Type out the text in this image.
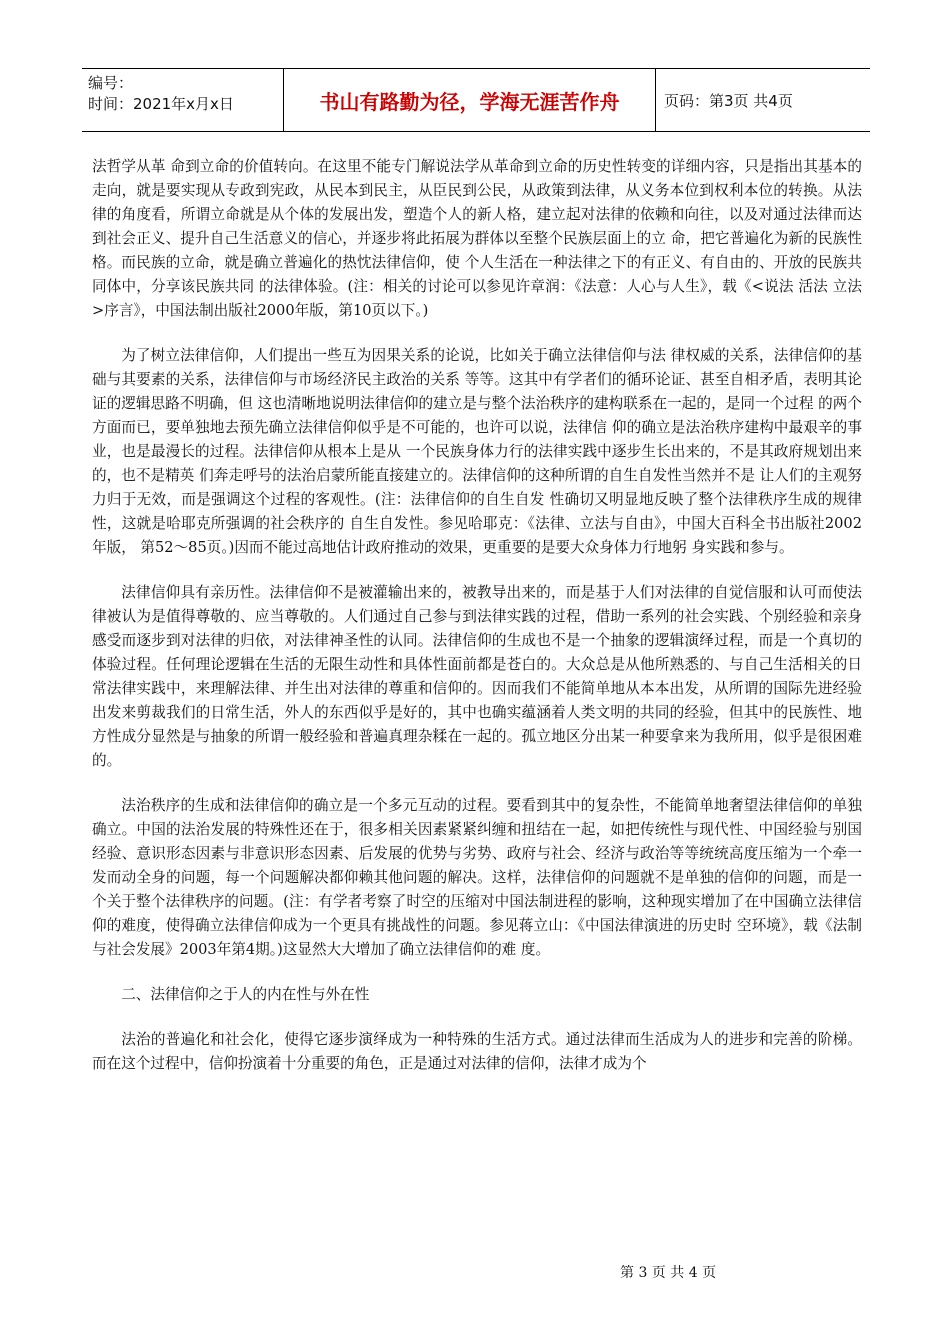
编号：
时间：2021年x月x日	书山有路勤为径，学海无涯苦作舟	页码：第3页 共4页

法哲学从革 命到立命的价值转向。在这里不能专门解说法学从革命到立命的历史性转变的详细内容，只是指出其基本的走向，就是要实现从专政到宪政，从民本到民主，从臣民到公民，从政策到法律，从义务本位到权利本位的转换。从法律的角度看，所谓立命就是从个体的发展出发，塑造个人的新人格，建立起对法律的依赖和向往，以及对通过法律而达到社会正义、提升自己生活意义的信心，并逐步将此拓展为群体以至整个民族层面上的立 命，把它普遍化为新的民族性格。而民族的立命，就是确立普遍化的热忱法律信仰，使 个人生活在一种法律之下的有正义、有自由的、开放的民族共同体中，分享该民族共同 的法律体验。(注：相关的讨论可以参见许章润：《法意：人心与人生》，载《<说法 活法 立法>序言》，中国法制出版社2000年版，第10页以下。)

为了树立法律信仰，人们提出一些互为因果关系的论说，比如关于确立法律信仰与法 律权威的关系，法律信仰的基础与其要素的关系，法律信仰与市场经济民主政治的关系 等等。这其中有学者们的循环论证、甚至自相矛盾，表明其论证的逻辑思路不明确，但 这也清晰地说明法律信仰的建立是与整个法治秩序的建构联系在一起的，是同一个过程 的两个方面而已，要单独地去预先确立法律信仰似乎是不可能的，也许可以说，法律信 仰的确立是法治秩序建构中最艰辛的事业，也是最漫长的过程。法律信仰从根本上是从 一个民族身体力行的法律实践中逐步生长出来的，不是其政府规划出来的，也不是精英 们奔走呼号的法治启蒙所能直接建立的。法律信仰的这种所谓的自生自发性当然并不是 让人们的主观努力归于无效，而是强调这个过程的客观性。(注：法律信仰的自生自发 性确切又明显地反映了整个法律秩序生成的规律性，这就是哈耶克所强调的社会秩序的 自生自发性。参见哈耶克：《法律、立法与自由》，中国大百科全书出版社2002年版， 第52～85页。)因而不能过高地估计政府推动的效果，更重要的是要大众身体力行地躬 身实践和参与。

法律信仰具有亲历性。法律信仰不是被灌输出来的，被教导出来的，而是基于人们对法律的自觉信服和认可而使法律被认为是值得尊敬的、应当尊敬的。人们通过自己参与到法律实践的过程，借助一系列的社会实践、个别经验和亲身感受而逐步到对法律的归依，对法律神圣性的认同。法律信仰的生成也不是一个抽象的逻辑演绎过程，而是一个真切的体验过程。任何理论逻辑在生活的无限生动性和具体性面前都是苍白的。大众总是从他所熟悉的、与自己生活相关的日常法律实践中，来理解法律、并生出对法律的尊重和信仰的。因而我们不能简单地从本本出发，从所谓的国际先进经验出发来剪裁我们的日常生活，外人的东西似乎是好的，其中也确实蕴涵着人类文明的共同的经验，但其中的民族性、地方性成分显然是与抽象的所谓一般经验和普遍真理杂糅在一起的。孤立地区分出某一种要拿来为我所用，似乎是很困难的。

法治秩序的生成和法律信仰的确立是一个多元互动的过程。要看到其中的复杂性，不能简单地奢望法律信仰的单独确立。中国的法治发展的特殊性还在于，很多相关因素紧紧纠缠和扭结在一起，如把传统性与现代性、中国经验与别国经验、意识形态因素与非意识形态因素、后发展的优势与劣势、政府与社会、经济与政治等等统统高度压缩为一个牵一发而动全身的问题，每一个问题解决都仰赖其他问题的解决。这样，法律信仰的问题就不是单独的信仰的问题，而是一个关于整个法律秩序的问题。(注：有学者考察了时空的压缩对中国法制进程的影响，这种现实增加了在中国确立法律信仰的难度，使得确立法律信仰成为一个更具有挑战性的问题。参见蒋立山：《中国法律演进的历史时 空环境》，载《法制与社会发展》2003年第4期。)这显然大大增加了确立法律信仰的难 度。

二、法律信仰之于人的内在性与外在性

法治的普遍化和社会化，使得它逐步演绎成为一种特殊的生活方式。通过法律而生活成为人的进步和完善的阶梯。而在这个过程中，信仰扮演着十分重要的角色，正是通过对法律的信仰，法律才成为个

第 3 页 共 4 页
